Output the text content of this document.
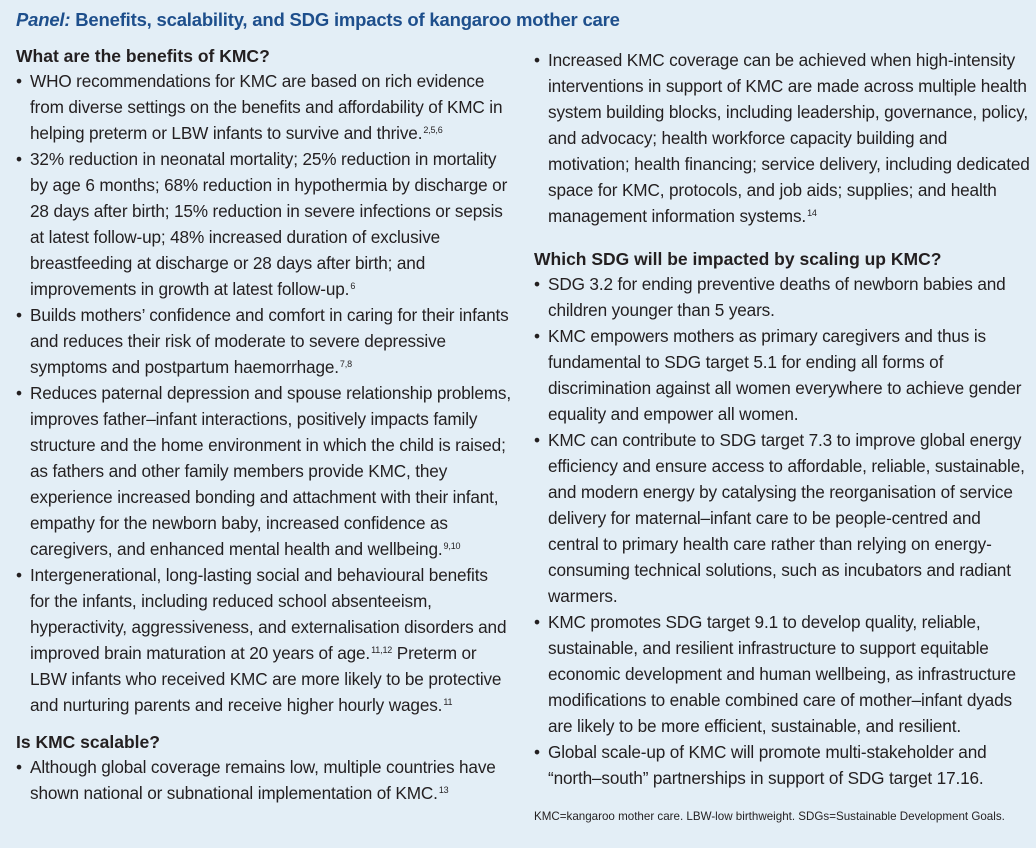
Panel: Benefits, scalability, and SDG impacts of kangaroo mother care
What are the benefits of KMC?
• WHO recommendations for KMC are based on rich evidence from diverse settings on the benefits and affordability of KMC in helping preterm or LBW infants to survive and thrive.$^{2,5,6}$
• 32% reduction in neonatal mortality; 25% reduction in mortality by age 6 months; 68% reduction in hypothermia by discharge or 28 days after birth; 15% reduction in severe infections or sepsis at latest follow-up; 48% increased duration of exclusive breastfeeding at discharge or 28 days after birth; and improvements in growth at latest follow-up.$^6$
• Builds mothers’ confidence and comfort in caring for their infants and reduces their risk of moderate to severe depressive symptoms and postpartum haemorrhage.$^{7,8}$
• Reduces paternal depression and spouse relationship problems, improves father–infant interactions, positively impacts family structure and the home environment in which the child is raised; as fathers and other family members provide KMC, they experience increased bonding and attachment with their infant, empathy for the newborn baby, increased confidence as caregivers, and enhanced mental health and wellbeing.$^{9,10}$
• Intergenerational, long-lasting social and behavioural benefits for the infants, including reduced school absenteeism, hyperactivity, aggressiveness, and externalisation disorders and improved brain maturation at 20 years of age.$^{11,12}$ Preterm or LBW infants who received KMC are more likely to be protective and nurturing parents and receive higher hourly wages.$^{11}$
Is KMC scalable?
• Although global coverage remains low, multiple countries have shown national or subnational implementation of KMC.$^{13}$
• Increased KMC coverage can be achieved when high-intensity interventions in support of KMC are made across multiple health system building blocks, including leadership, governance, policy, and advocacy; health workforce capacity building and motivation; health financing; service delivery, including dedicated space for KMC, protocols, and job aids; supplies; and health management information systems.$^{14}$
Which SDG will be impacted by scaling up KMC?
• SDG 3.2 for ending preventive deaths of newborn babies and children younger than 5 years.
• KMC empowers mothers as primary caregivers and thus is fundamental to SDG target 5.1 for ending all forms of discrimination against all women everywhere to achieve gender equality and empower all women.
• KMC can contribute to SDG target 7.3 to improve global energy efficiency and ensure access to affordable, reliable, sustainable, and modern energy by catalysing the reorganisation of service delivery for maternal–infant care to be people-centred and central to primary health care rather than relying on energy-consuming technical solutions, such as incubators and radiant warmers.
• KMC promotes SDG target 9.1 to develop quality, reliable, sustainable, and resilient infrastructure to support equitable economic development and human wellbeing, as infrastructure modifications to enable combined care of mother–infant dyads are likely to be more efficient, sustainable, and resilient.
• Global scale-up of KMC will promote multi-stakeholder and “north–south” partnerships in support of SDG target 17.16.

KMC=kangaroo mother care. LBW-low birthweight. SDGs=Sustainable Development Goals.
